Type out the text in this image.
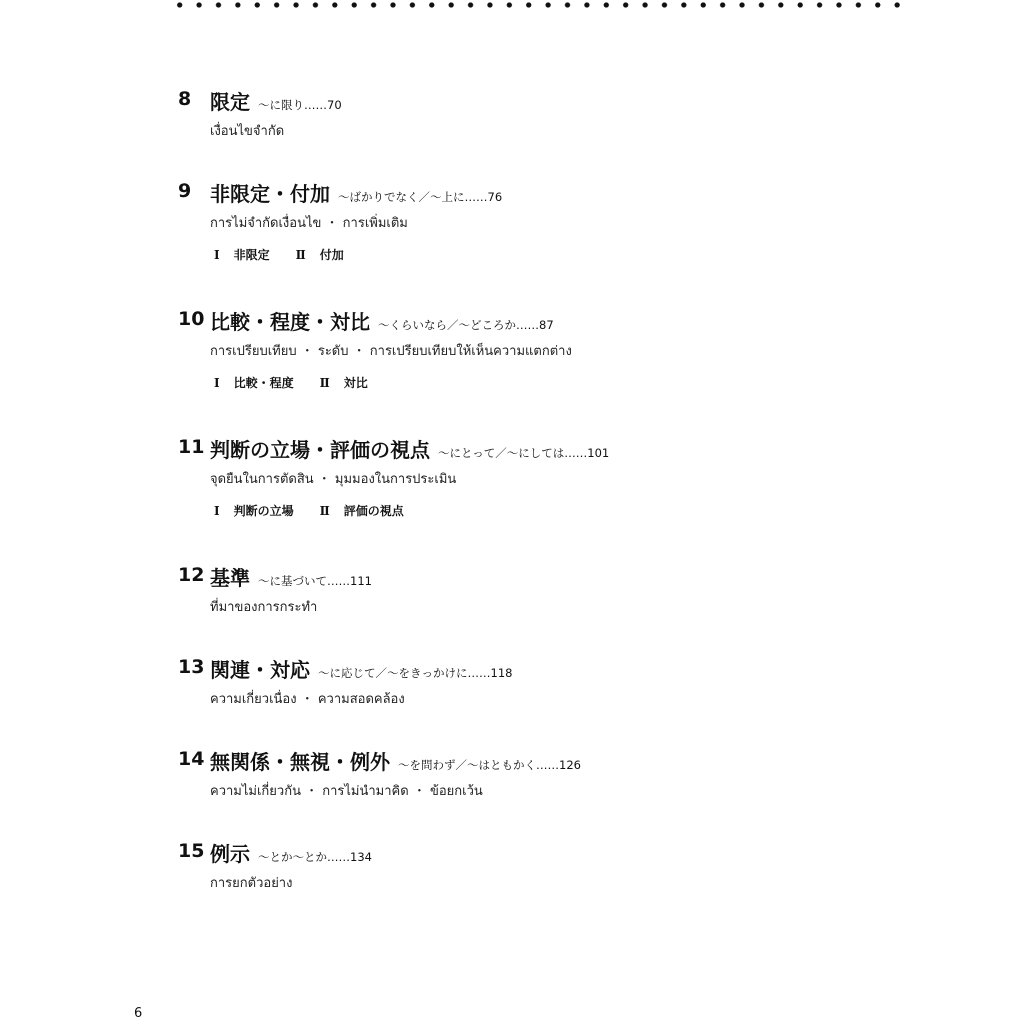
8 限定 〜に限り……70
เงื่อนไขจำกัด
9 非限定・付加 〜ばかりでなく／〜上に……76
การไม่จำกัดเงื่อนไข ・ การเพิ่มเติม
Ⅰ 非限定 Ⅱ 付加
10 比較・程度・対比 〜くらいなら／〜どころか……87
การเปรียบเทียบ ・ ระดับ ・ การเปรียบเทียบให้เห็นความแตกต่าง
Ⅰ 比較・程度 Ⅱ 対比
11 判断の立場・評価の視点 〜にとって／〜にしては……101
จุดยืนในการตัดสิน ・ มุมมองในการประเมิน
Ⅰ 判断の立場 Ⅱ 評価の視点
12 基準 〜に基づいて……111
ที่มาของการกระทำ
13 関連・対応 〜に応じて／〜をきっかけに……118
ความเกี่ยวเนื่อง ・ ความสอดคล้อง
14 無関係・無視・例外 〜を問わず／〜はともかく……126
ความไม่เกี่ยวกัน ・ การไม่นำมาคิด ・ ข้อยกเว้น
15 例示 〜とか〜とか……134
การยกตัวอย่าง
6
